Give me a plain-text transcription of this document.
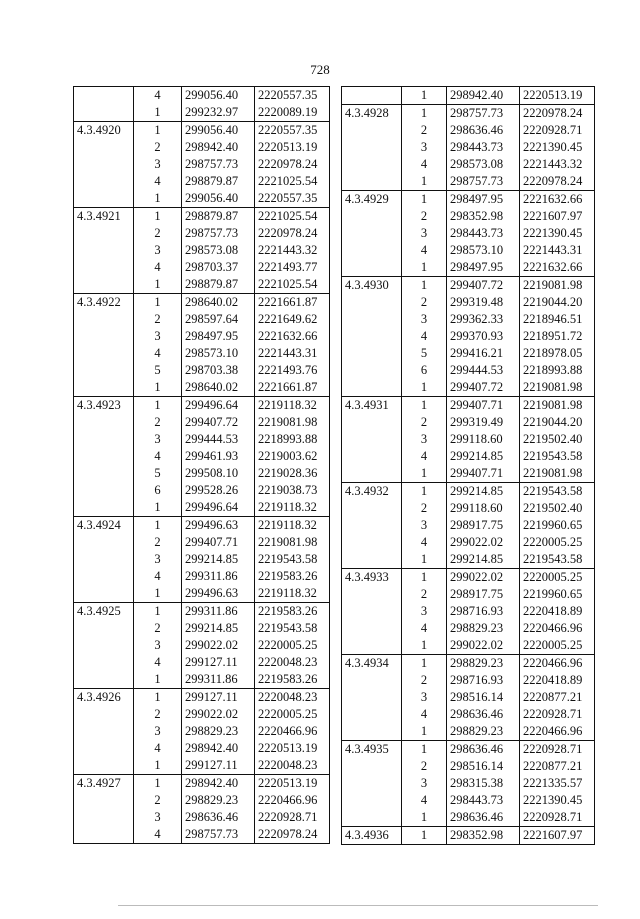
728
	4	299056.40	2220557.35
	1	299232.97	2220089.19
4.3.4920	1	299056.40	2220557.35
	2	298942.40	2220513.19
	3	298757.73	2220978.24
	4	298879.87	2221025.54
	1	299056.40	2220557.35
4.3.4921	1	298879.87	2221025.54
	2	298757.73	2220978.24
	3	298573.08	2221443.32
	4	298703.37	2221493.77
	1	298879.87	2221025.54
4.3.4922	1	298640.02	2221661.87
	2	298597.64	2221649.62
	3	298497.95	2221632.66
	4	298573.10	2221443.31
	5	298703.38	2221493.76
	1	298640.02	2221661.87
4.3.4923	1	299496.64	2219118.32
	2	299407.72	2219081.98
	3	299444.53	2218993.88
	4	299461.93	2219003.62
	5	299508.10	2219028.36
	6	299528.26	2219038.73
	1	299496.64	2219118.32
4.3.4924	1	299496.63	2219118.32
	2	299407.71	2219081.98
	3	299214.85	2219543.58
	4	299311.86	2219583.26
	1	299496.63	2219118.32
4.3.4925	1	299311.86	2219583.26
	2	299214.85	2219543.58
	3	299022.02	2220005.25
	4	299127.11	2220048.23
	1	299311.86	2219583.26
4.3.4926	1	299127.11	2220048.23
	2	299022.02	2220005.25
	3	298829.23	2220466.96
	4	298942.40	2220513.19
	1	299127.11	2220048.23
4.3.4927	1	298942.40	2220513.19
	2	298829.23	2220466.96
	3	298636.46	2220928.71
	4	298757.73	2220978.24
	1	298942.40	2220513.19
4.3.4928	1	298757.73	2220978.24
	2	298636.46	2220928.71
	3	298443.73	2221390.45
	4	298573.08	2221443.32
	1	298757.73	2220978.24
4.3.4929	1	298497.95	2221632.66
	2	298352.98	2221607.97
	3	298443.73	2221390.45
	4	298573.10	2221443.31
	1	298497.95	2221632.66
4.3.4930	1	299407.72	2219081.98
	2	299319.48	2219044.20
	3	299362.33	2218946.51
	4	299370.93	2218951.72
	5	299416.21	2218978.05
	6	299444.53	2218993.88
	1	299407.72	2219081.98
4.3.4931	1	299407.71	2219081.98
	2	299319.49	2219044.20
	3	299118.60	2219502.40
	4	299214.85	2219543.58
	1	299407.71	2219081.98
4.3.4932	1	299214.85	2219543.58
	2	299118.60	2219502.40
	3	298917.75	2219960.65
	4	299022.02	2220005.25
	1	299214.85	2219543.58
4.3.4933	1	299022.02	2220005.25
	2	298917.75	2219960.65
	3	298716.93	2220418.89
	4	298829.23	2220466.96
	1	299022.02	2220005.25
4.3.4934	1	298829.23	2220466.96
	2	298716.93	2220418.89
	3	298516.14	2220877.21
	4	298636.46	2220928.71
	1	298829.23	2220466.96
4.3.4935	1	298636.46	2220928.71
	2	298516.14	2220877.21
	3	298315.38	2221335.57
	4	298443.73	2221390.45
	1	298636.46	2220928.71
4.3.4936	1	298352.98	2221607.97
